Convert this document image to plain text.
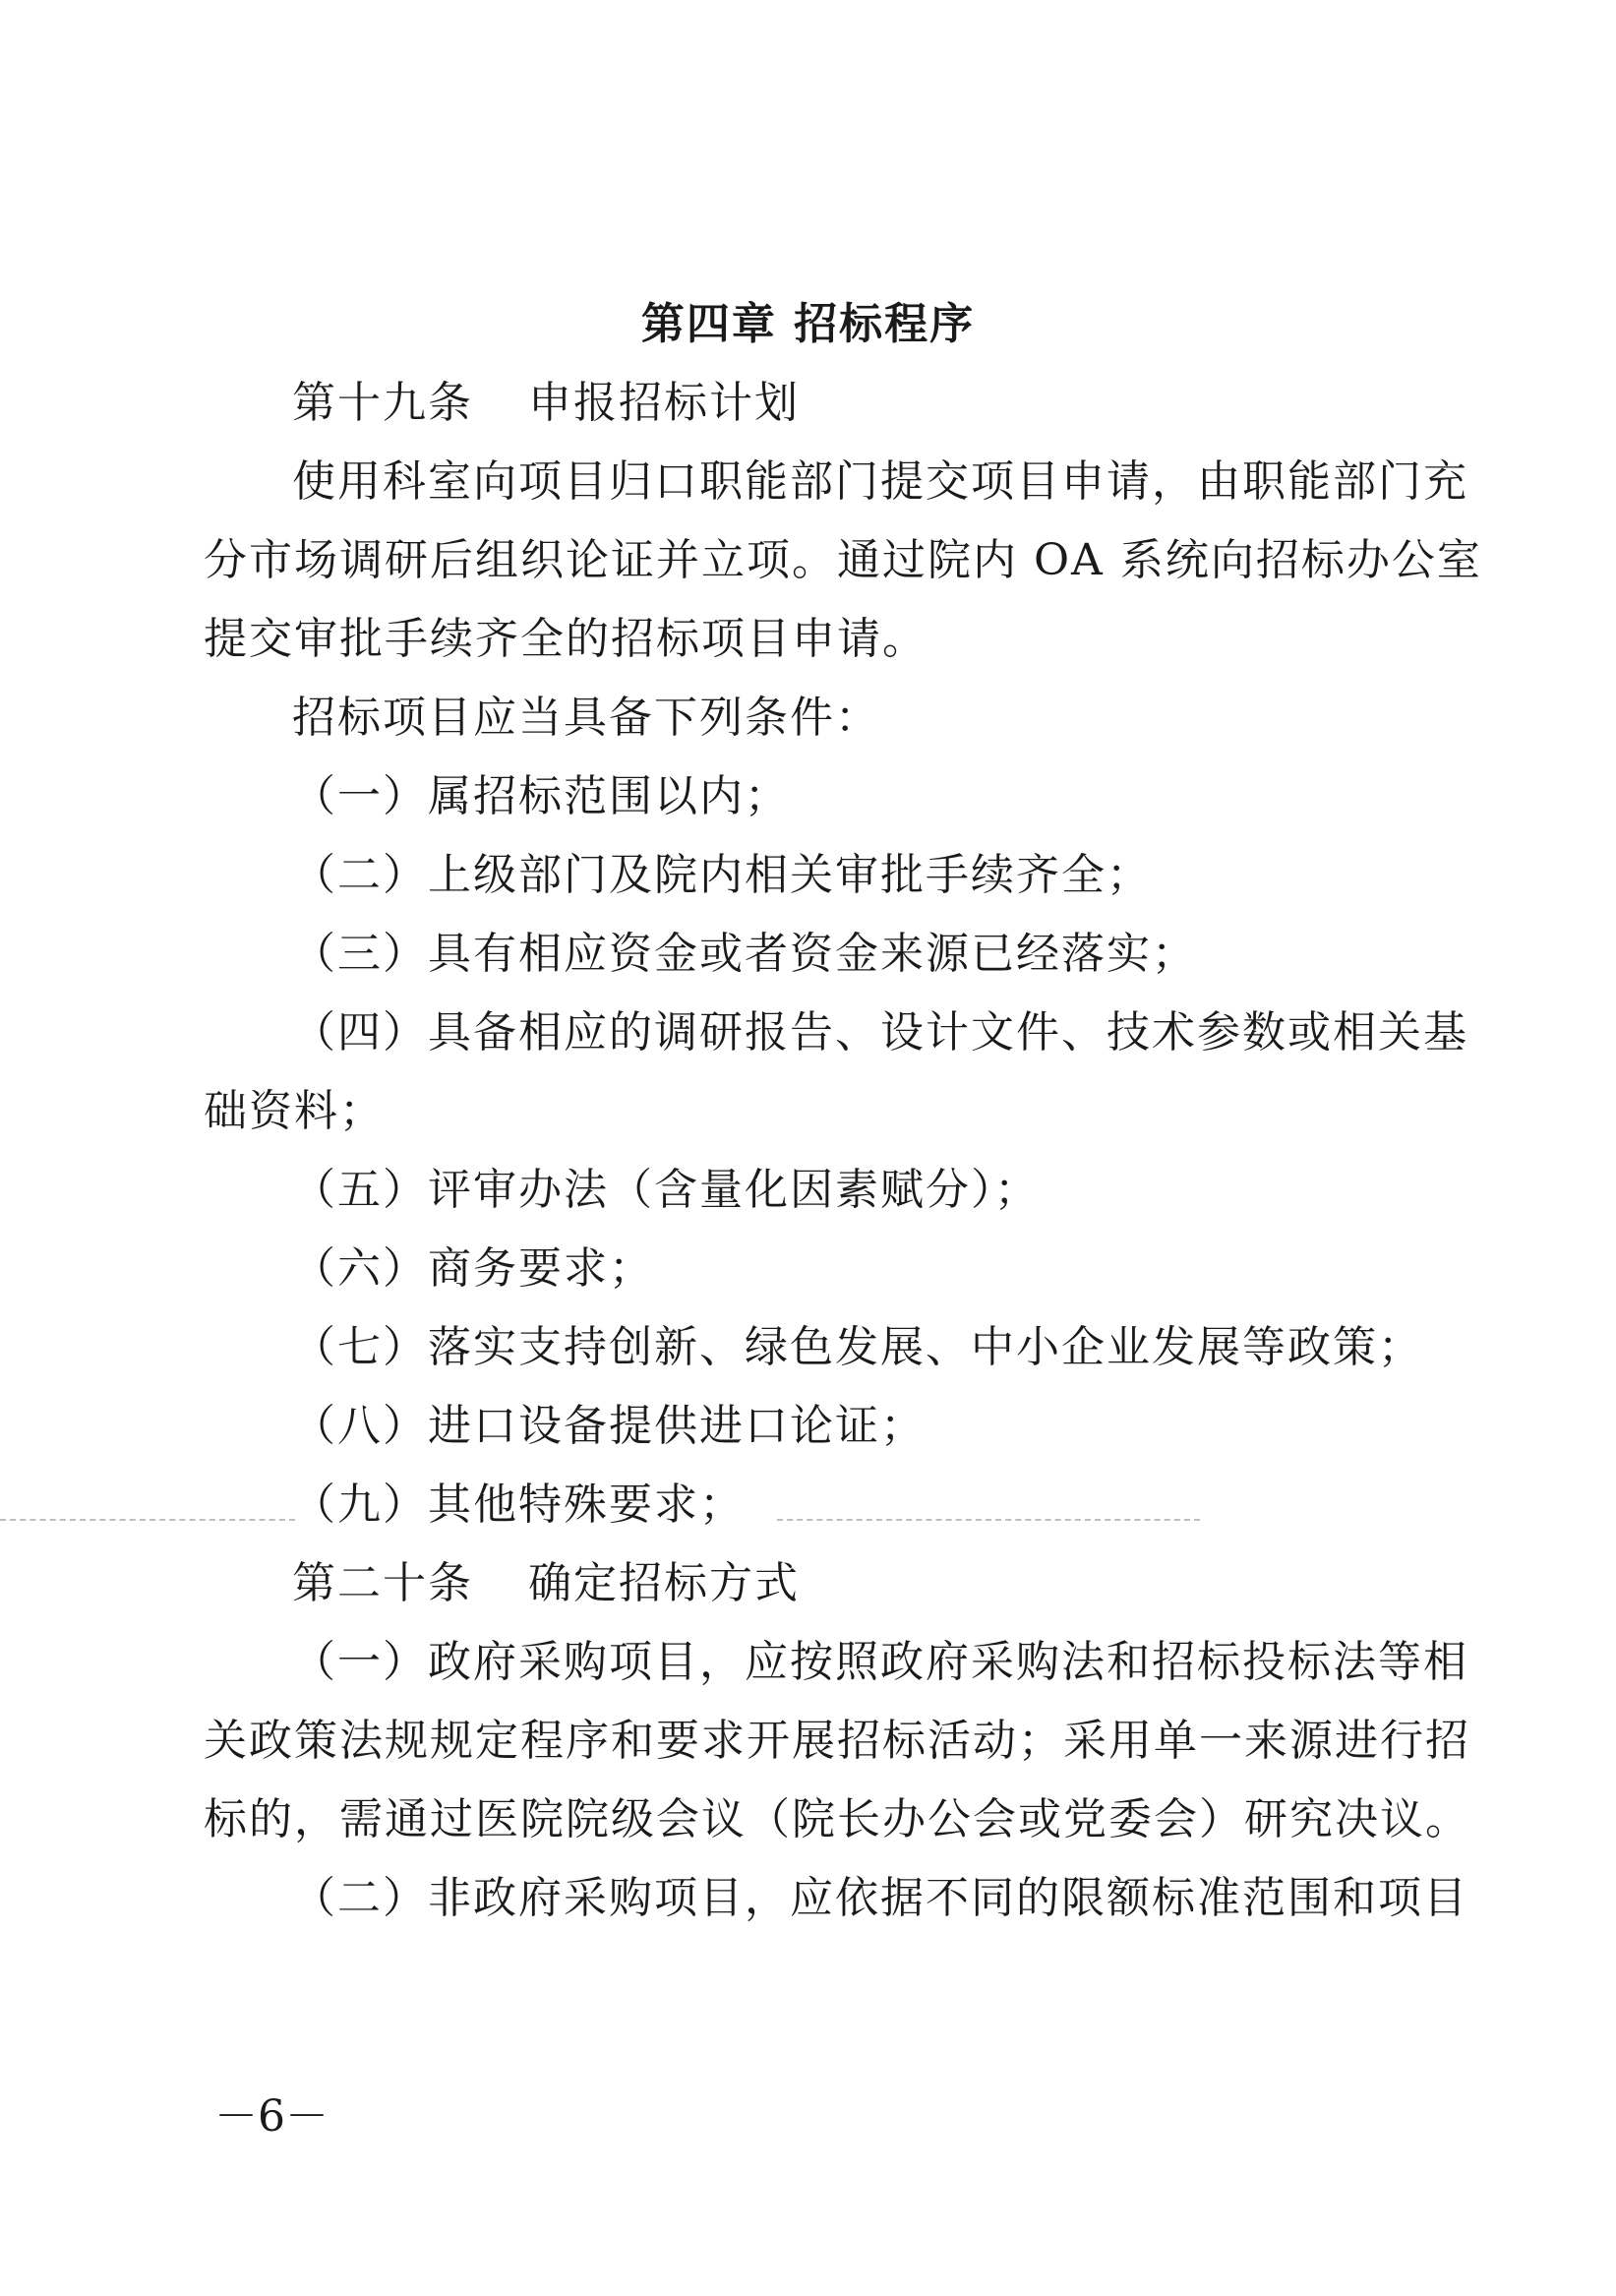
第四章 招标程序
第十九条 申报招标计划
使用科室向项目归口职能部门提交项目申请，由职能部门充
分市场调研后组织论证并立项。通过院内 OA 系统向招标办公室
提交审批手续齐全的招标项目申请。
招标项目应当具备下列条件：
（一）属招标范围以内；
（二）上级部门及院内相关审批手续齐全；
（三）具有相应资金或者资金来源已经落实；
（四）具备相应的调研报告、设计文件、技术参数或相关基
础资料；
（五）评审办法（含量化因素赋分）；
（六）商务要求；
（七）落实支持创新、绿色发展、中小企业发展等政策；
（八）进口设备提供进口论证；
（九）其他特殊要求；
第二十条 确定招标方式
（一）政府采购项目，应按照政府采购法和招标投标法等相
关政策法规规定程序和要求开展招标活动；采用单一来源进行招
标的，需通过医院院级会议（院长办公会或党委会）研究决议。
（二）非政府采购项目，应依据不同的限额标准范围和项目
－6－
